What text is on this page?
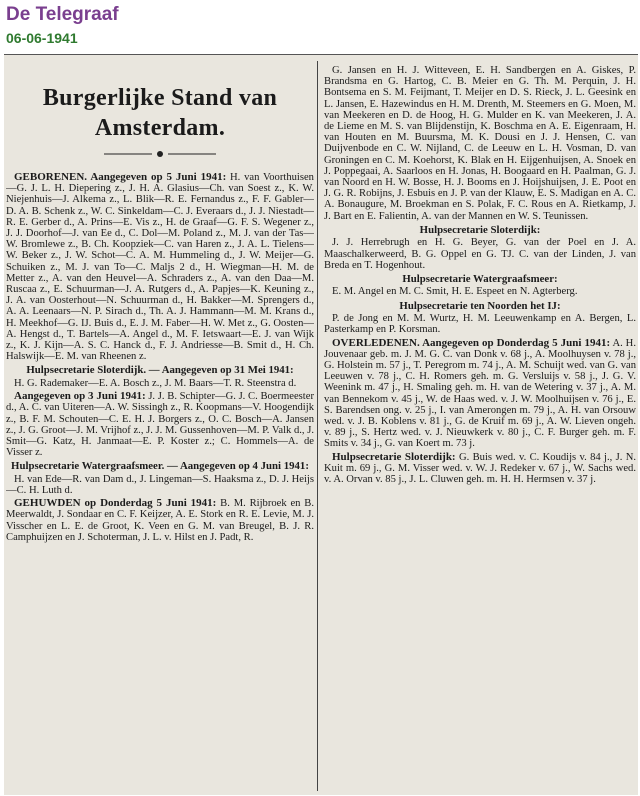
De Telegraaf
06-06-1941
Burgerlijke Stand van
Amsterdam.

GEBORENEN. Aangegeven op 5 Juni 1941: H. van Voorthuisen—G. J. L. H. Diepering z., J. H. A. Glasius—Ch. van Soest z., K. W. Niejenhuis—J. Alkema z., L. Blik—R. E. Fernandus z., F. F. Gabler—D. A. B. Schenk z., W. C. Sinkeldam—C. J. Everaars d., J. J. Niestadt—R. E. Gerber d., A. Prins—E. Vis z., H. de Graaf—G. F. S. Wegener z., J. J. Doorhof—J. van Ee d., C. Dol—M. Poland z., M. J. van der Tas—W. Bromlewe z., B. Ch. Koopziek—C. van Haren z., J. A. L. Tielens—W. Beker z., J. W. Schot—C. A. M. Hummeling d., J. W. Meijer—G. Schuiken z., M. J. van To—C. Maljs 2 d., H. Wiegman—H. M. de Metter z., A. van den Heuvel—A. Schraders z., A. van den Daa—M. Ruscaa z., E. Schuurman—J. A. Rutgers d., A. Papjes—K. Keuning z., J. A. van Oosterhout—N. Schuurman d., H. Bakker—M. Sprengers d., A. A. Leenaars—N. P. Sirach d., Th. A. J. Hammann—M. M. Krans d., H. Meekhof—G. IJ. Buis d., E. J. M. Faber—H. W. Met z., G. Oosten—A. Hengst d., T. Bartels—A. Angel d., M. F. Ietswaart—E. J. van Wijk z., K. J. Kijn—A. S. C. Hanck d., F. J. Andriesse—B. Smit d., H. Ch. Halswijk—E. M. van Rheenen z.

Hulpsecretarie Sloterdijk. — Aangegeven op 31 Mei 1941:

H. G. Rademaker—E. A. Bosch z., J. M. Baars—T. R. Steenstra d.

Aangegeven op 3 Juni 1941: J. J. B. Schipter—G. J. C. Boermeester d., A. C. van Uiteren—A. W. Sissingh z., R. Koopmans—V. Hoogendijk z., B. F. M. Schouten—C. E. H. J. Borgers z., O. C. Bosch—A. Jansen z., J. G. Groot—J. M. Vrijhof z., J. J. M. Gussenhoven—M. P. Valk d., J. Smit—G. Katz, H. Janmaat—E. P. Koster z.; C. Hommels—A. de Visser z.

Hulpsecretarie Watergraafsmeer. — Aangegeven op 4 Juni 1941:

H. van Ede—R. van Dam d., J. Lingeman—S. Haaksma z., D. J. Heijs—C. H. Luth d.

GEHUWDEN op Donderdag 5 Juni 1941: B. M. Rijbroek en B. Meerwaldt, J. Sondaar en C. F. Keijzer, A. E. Stork en R. E. Levie, M. J. Visscher en L. E. de Groot, K. Veen en G. M. van Breugel, B. J. R. Camphuijzen en J. Schoterman, J. L. v. Hilst en J. Padt, R.

G. Jansen en H. J. Witteveen, E. H. Sandbergen en A. Giskes, P. Brandsma en G. Hartog, C. B. Meier en G. Th. M. Perquin, J. H. Bontsema en S. M. Feijmant, T. Meijer en D. S. Rieck, J. L. Geesink en L. Jansen, E. Hazewindus en H. M. Drenth, M. Steemers en G. Moen, M. van Meekeren en D. de Hoog, H. G. Mulder en K. van Meekeren, J. A. de Lieme en M. S. van Blijdenstijn, K. Boschma en A. E. Eigenraam, H. van Houten en M. Buursma, M. K. Dousi en J. J. Hensen, C. van Duijvenbode en C. W. Nijland, C. de Leeuw en L. H. Vosman, D. van Groningen en C. M. Koehorst, K. Blak en H. Eijgenhuijsen, A. Snoek en J. Poppegaai, A. Saarloos en H. Jonas, H. Boogaard en H. Paalman, G. J. van Noord en H. W. Bosse, H. J. Booms en J. Hoijshuijsen, J. E. Poot en J. G. R. Robijns, J. Esbuis en J. P. van der Klauw, E. S. Madigan en A. C. A. Bonaugure, M. Broekman en S. Polak, F. C. Rous en A. Rietkamp, J. J. Bart en E. Falientin, A. van der Mannen en W. S. Teunissen.

Hulpsecretarie Sloterdijk:

J. J. Herrebrugh en H. G. Beyer, G. van der Poel en J. A. Maaschalkerweerd, B. G. Oppel en G. TJ. C. van der Linden, J. van Breda en T. Hogenhout.

Hulpsecretarie Watergraafsmeer:

E. M. Angel en M. C. Smit, H. E. Espeet en N. Agterberg.

Hulpsecretarie ten Noorden het IJ:

P. de Jong en M. M. Wurtz, H. M. Leeuwenkamp en A. Bergen, L. Pasterkamp en P. Korsman.

OVERLEDENEN. Aangegeven op Donderdag 5 Juni 1941: A. H. Jouvenaar geb. m. J. M. G. C. van Donk v. 68 j., A. Moolhuysen v. 78 j., G. Holstein m. 57 j., T. Peregrom m. 74 j., A. M. Schuijt wed. van G. van Leeuwen v. 78 j., C. H. Romers geh. m. G. Versluijs v. 58 j., J. G. V. Weenink m. 47 j., H. Smaling geh. m. H. van de Wetering v. 37 j., A. M. van Bennekom v. 45 j., W. de Haas wed. v. J. W. Moolhuijsen v. 76 j., E. S. Barendsen ong. v. 25 j., I. van Amerongen m. 79 j., A. H. van Orsouw wed. v. J. B. Koblens v. 81 j., G. de Kruif m. 69 j., A. W. Lieven ongeh. v. 89 j., S. Hertz wed. v. J. Nieuwkerk v. 80 j., C. F. Burger geh. m. F. Smits v. 34 j., G. van Koert m. 73 j.

Hulpsecretarie Sloterdijk: G. Buis wed. v. C. Koudijs v. 84 j., J. N. Kuit m. 69 j., G. M. Visser wed. v. W. J. Redeker v. 67 j., W. Sachs wed. v. A. Orvan v. 85 j., J. L. Cluwen geh. m. H. H. Hermsen v. 37 j.
